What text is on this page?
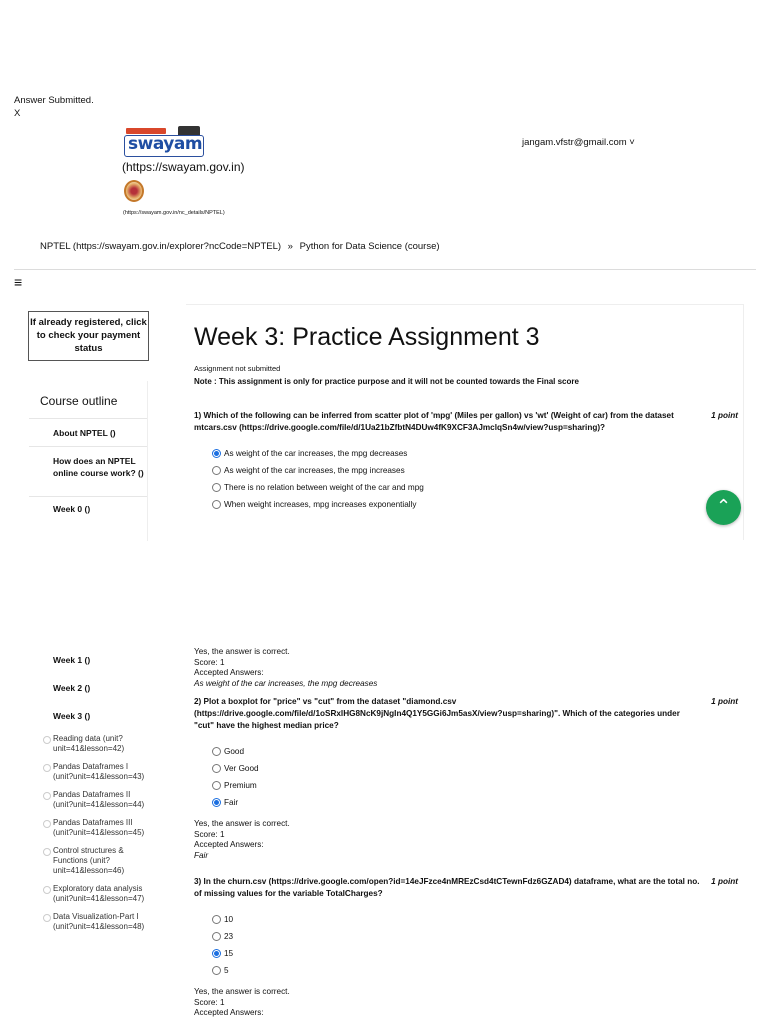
Answer Submitted.
X
swayam
(https://swayam.gov.in)
(https://swayam.gov.in/nc_details/NPTEL)
jangam.vfstr@gmail.com ˅
NPTEL (https://swayam.gov.in/explorer?ncCode=NPTEL) » Python for Data Science (course)
≡
If already registered, click to check your payment status
Course outline
About NPTEL ()
How does an NPTEL online course work? ()
Week 0 ()
Week 3: Practice Assignment 3
Assignment not submitted
Note : This assignment is only for practice purpose and it will not be counted towards the Final score
1) Which of the following can be inferred from scatter plot of 'mpg' (Miles per gallon) vs 'wt' (Weight of car) from the dataset mtcars.csv (https://drive.google.com/file/d/1Ua21bZfbtN4DUw4fK9XCF3AJmclqSn4w/view?usp=sharing)?
1 point
As weight of the car increases, the mpg decreases
As weight of the car increases, the mpg increases
There is no relation between weight of the car and mpg
When weight increases, mpg increases exponentially	⌃
Week 1 ()
Week 2 ()
Week 3 ()
Reading data (unit?unit=41&lesson=42)
Pandas Dataframes I (unit?unit=41&lesson=43)
Pandas Dataframes II (unit?unit=41&lesson=44)
Pandas Dataframes III (unit?unit=41&lesson=45)
Control structures & Functions (unit?unit=41&lesson=46)
Exploratory data analysis (unit?unit=41&lesson=47)
Data Visualization-Part I (unit?unit=41&lesson=48)
Yes, the answer is correct.
Score: 1
Accepted Answers:
As weight of the car increases, the mpg decreases
2) Plot a boxplot for "price" vs "cut" from the dataset "diamond.csv (https://drive.google.com/file/d/1oSRxlHG8NcK9jNgIn4Q1Y5GGi6Jm5asX/view?usp=sharing)". Which of the categories under "cut" have the highest median price?
1 point
Good
Ver Good
Premium
Fair
Yes, the answer is correct.
Score: 1
Accepted Answers:
Fair
3) In the churn.csv (https://drive.google.com/open?id=14eJFzce4nMREzCsd4tCTewnFdz6GZAD4) dataframe, what are the total no. of missing values for the variable TotalCharges?
1 point
10
23
15
5
Yes, the answer is correct.
Score: 1
Accepted Answers:
